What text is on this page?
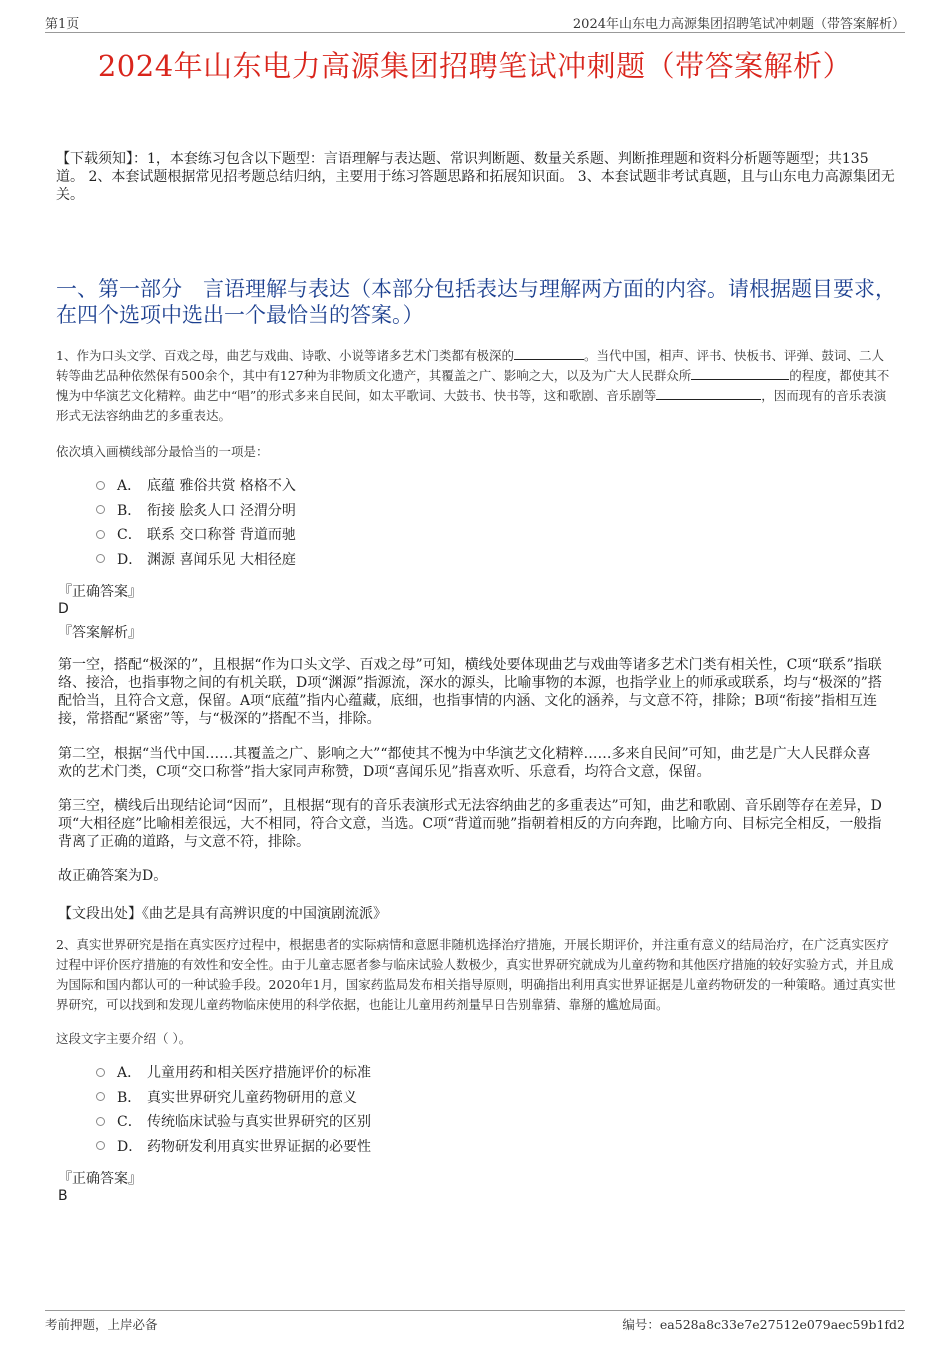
第1页	2024年山东电力高源集团招聘笔试冲刺题（带答案解析）
2024年山东电力高源集团招聘笔试冲刺题（带答案解析）
【下载须知】：1，本套练习包含以下题型：言语理解与表达题、常识判断题、数量关系题、判断推理题和资料分析题等题型；共135道。 2、本套试题根据常见招考题总结归纳，主要用于练习答题思路和拓展知识面。 3、本套试题非考试真题，且与山东电力高源集团无关。
一、第一部分　言语理解与表达（本部分包括表达与理解两方面的内容。请根据题目要求，在四个选项中选出一个最恰当的答案。）
1、作为口头文学、百戏之母，曲艺与戏曲、诗歌、小说等诸多艺术门类都有极深的	。当代中国，相声、评书、快板书、评弹、鼓词、二人转等曲艺品种依然保有500余个，其中有127种为非物质文化遗产，其覆盖之广、影响之大，以及为广大人民群众所	的程度，都使其不愧为中华演艺文化精粹。曲艺中“唱”的形式多来自民间，如太平歌词、大鼓书、快书等，这和歌剧、音乐剧等	，因而现有的音乐表演形式无法容纳曲艺的多重表达。
依次填入画横线部分最恰当的一项是：
A． 底蕴 雅俗共赏 格格不入
B． 衔接 脍炙人口 泾渭分明
C． 联系 交口称誉 背道而驰
D． 渊源 喜闻乐见 大相径庭
『正确答案』
D
『答案解析』
第一空，搭配“极深的”，且根据“作为口头文学、百戏之母”可知，横线处要体现曲艺与戏曲等诸多艺术门类有相关性，C项“联系”指联络、接洽，也指事物之间的有机关联，D项“渊源”指源流，深水的源头，比喻事物的本源，也指学业上的师承或联系，均与“极深的”搭配恰当，且符合文意，保留。A项“底蕴”指内心蕴藏，底细，也指事情的内涵、文化的涵养，与文意不符，排除；B项“衔接”指相互连接，常搭配“紧密”等，与“极深的”搭配不当，排除。
第二空，根据“当代中国……其覆盖之广、影响之大”“都使其不愧为中华演艺文化精粹……多来自民间”可知，曲艺是广大人民群众喜欢的艺术门类，C项“交口称誉”指大家同声称赞，D项“喜闻乐见”指喜欢听、乐意看，均符合文意，保留。
第三空，横线后出现结论词“因而”，且根据“现有的音乐表演形式无法容纳曲艺的多重表达”可知，曲艺和歌剧、音乐剧等存在差异，D项“大相径庭”比喻相差很远，大不相同，符合文意，当选。C项“背道而驰”指朝着相反的方向奔跑，比喻方向、目标完全相反，一般指背离了正确的道路，与文意不符，排除。
故正确答案为D。
【文段出处】《曲艺是具有高辨识度的中国演剧流派》
2、真实世界研究是指在真实医疗过程中，根据患者的实际病情和意愿非随机选择治疗措施，开展长期评价，并注重有意义的结局治疗，在广泛真实医疗过程中评价医疗措施的有效性和安全性。由于儿童志愿者参与临床试验人数极少，真实世界研究就成为儿童药物和其他医疗措施的较好实验方式，并且成为国际和国内都认可的一种试验手段。2020年1月，国家药监局发布相关指导原则，明确指出利用真实世界证据是儿童药物研发的一种策略。通过真实世界研究，可以找到和发现儿童药物临床使用的科学依据，也能让儿童用药剂量早日告别靠猜、靠掰的尴尬局面。
这段文字主要介绍（ ）。
A． 儿童用药和相关医疗措施评价的标准
B． 真实世界研究儿童药物研用的意义
C． 传统临床试验与真实世界研究的区别
D． 药物研发利用真实世界证据的必要性
『正确答案』
B
考前押题，上岸必备	编号：ea528a8c33e7e27512e079aec59b1fd2
